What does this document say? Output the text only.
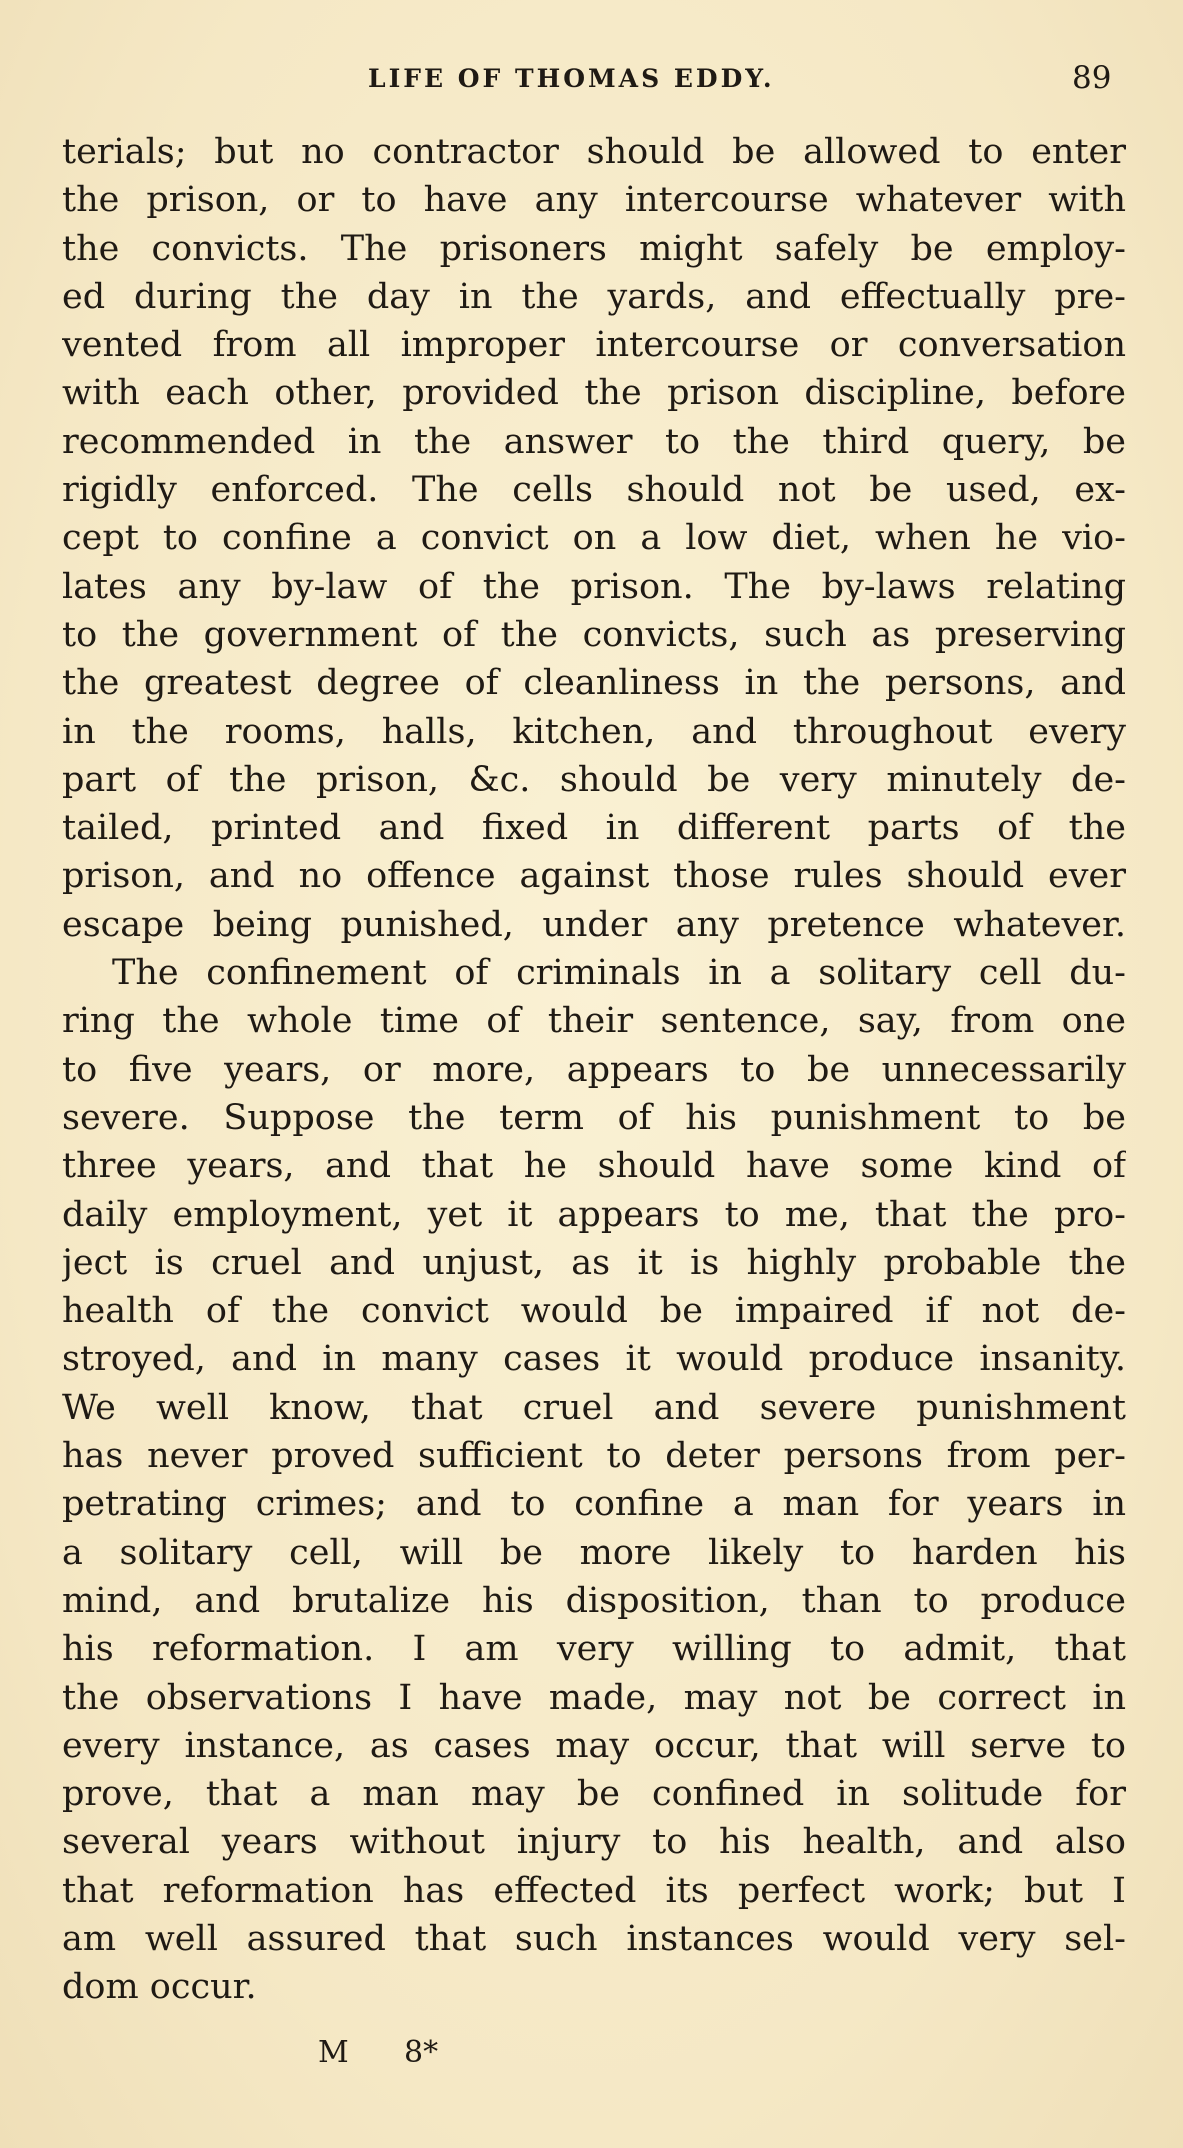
LIFE OF THOMAS EDDY.	89
terials; but no contractor should be allowed to enter
the prison, or to have any intercourse whatever with
the convicts. The prisoners might safely be employ-
ed during the day in the yards, and effectually pre-
vented from all improper intercourse or conversation
with each other, provided the prison discipline, before
recommended in the answer to the third query, be
rigidly enforced. The cells should not be used, ex-
cept to confine a convict on a low diet, when he vio-
lates any by-law of the prison. The by-laws relating
to the government of the convicts, such as preserving
the greatest degree of cleanliness in the persons, and
in the rooms, halls, kitchen, and throughout every
part of the prison, &c. should be very minutely de-
tailed, printed and fixed in different parts of the
prison, and no offence against those rules should ever
escape being punished, under any pretence whatever.
The confinement of criminals in a solitary cell du-
ring the whole time of their sentence, say, from one
to five years, or more, appears to be unnecessarily
severe. Suppose the term of his punishment to be
three years, and that he should have some kind of
daily employment, yet it appears to me, that the pro-
ject is cruel and unjust, as it is highly probable the
health of the convict would be impaired if not de-
stroyed, and in many cases it would produce insanity.
We well know, that cruel and severe punishment
has never proved sufficient to deter persons from per-
petrating crimes; and to confine a man for years in
a solitary cell, will be more likely to harden his
mind, and brutalize his disposition, than to produce
his reformation. I am very willing to admit, that
the observations I have made, may not be correct in
every instance, as cases may occur, that will serve to
prove, that a man may be confined in solitude for
several years without injury to his health, and also
that reformation has effected its perfect work; but I
am well assured that such instances would very sel-
dom occur.
M 8*
